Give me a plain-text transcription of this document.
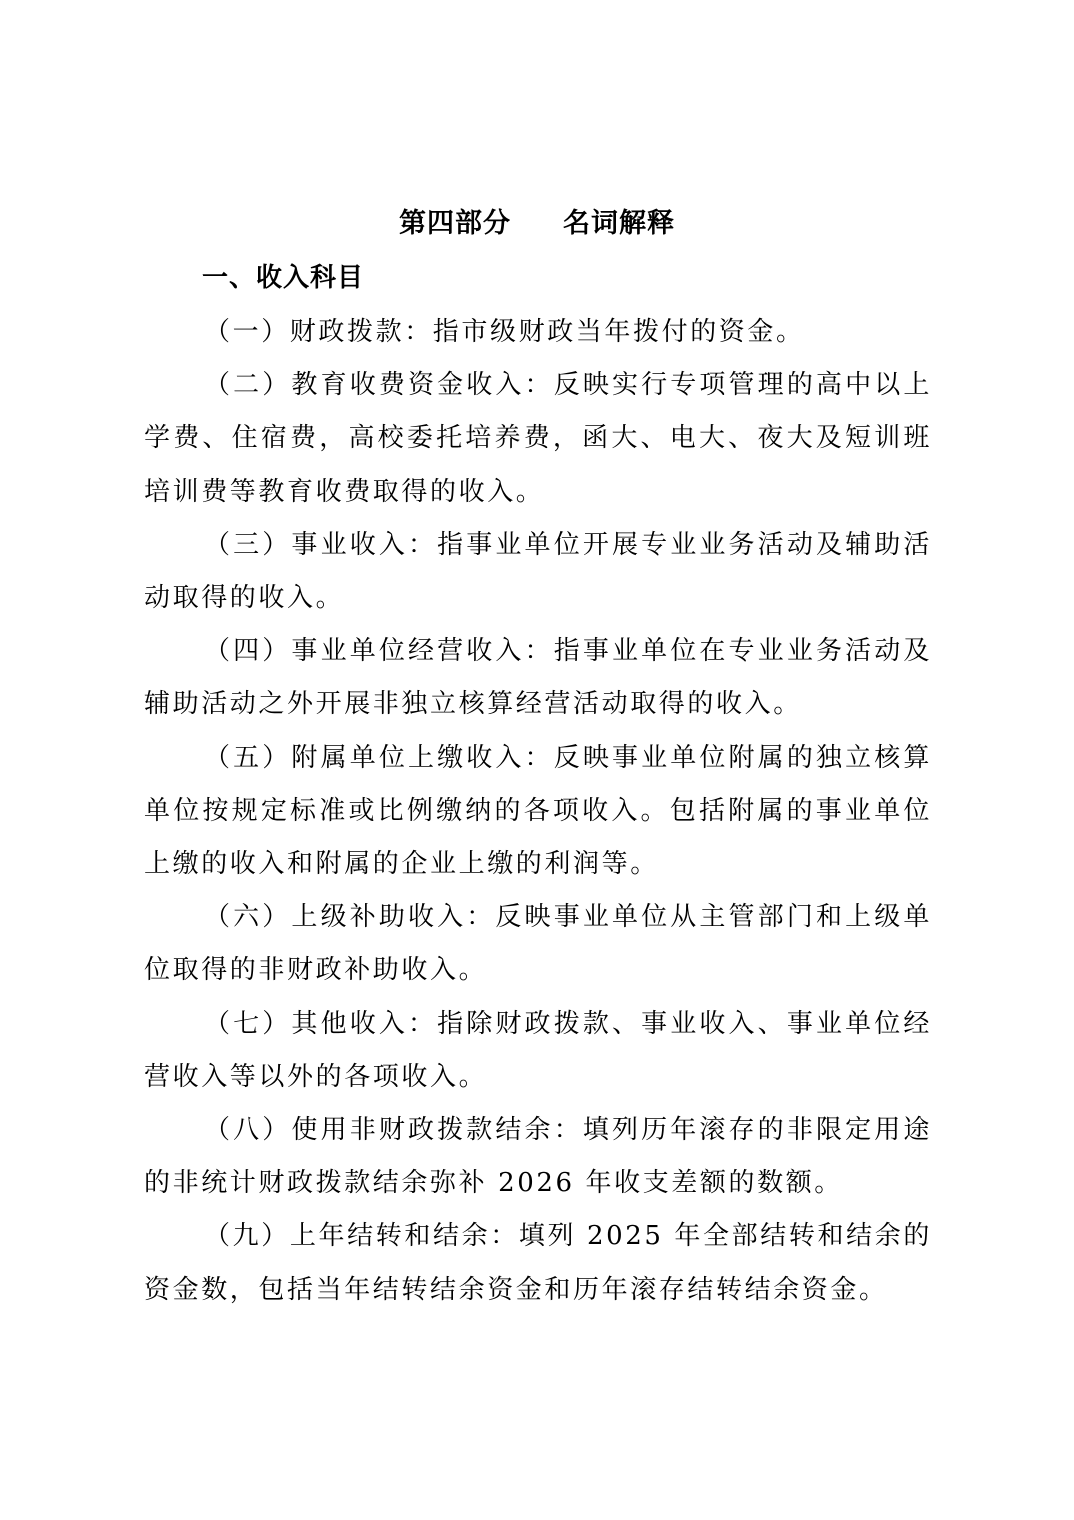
第四部分 名词解释
一、收入科目

（一）财政拨款：指市级财政当年拨付的资金。

（二）教育收费资金收入：反映实行专项管理的高中以上学费、住宿费，高校委托培养费，函大、电大、夜大及短训班培训费等教育收费取得的收入。

（三）事业收入：指事业单位开展专业业务活动及辅助活动取得的收入。

（四）事业单位经营收入：指事业单位在专业业务活动及辅助活动之外开展非独立核算经营活动取得的收入。

（五）附属单位上缴收入：反映事业单位附属的独立核算单位按规定标准或比例缴纳的各项收入。包括附属的事业单位上缴的收入和附属的企业上缴的利润等。

（六）上级补助收入：反映事业单位从主管部门和上级单位取得的非财政补助收入。

（七）其他收入：指除财政拨款、事业收入、事业单位经营收入等以外的各项收入。

（八）使用非财政拨款结余：填列历年滚存的非限定用途的非统计财政拨款结余弥补 2026 年收支差额的数额。

（九）上年结转和结余：填列 2025 年全部结转和结余的资金数，包括当年结转结余资金和历年滚存结转结余资金。
